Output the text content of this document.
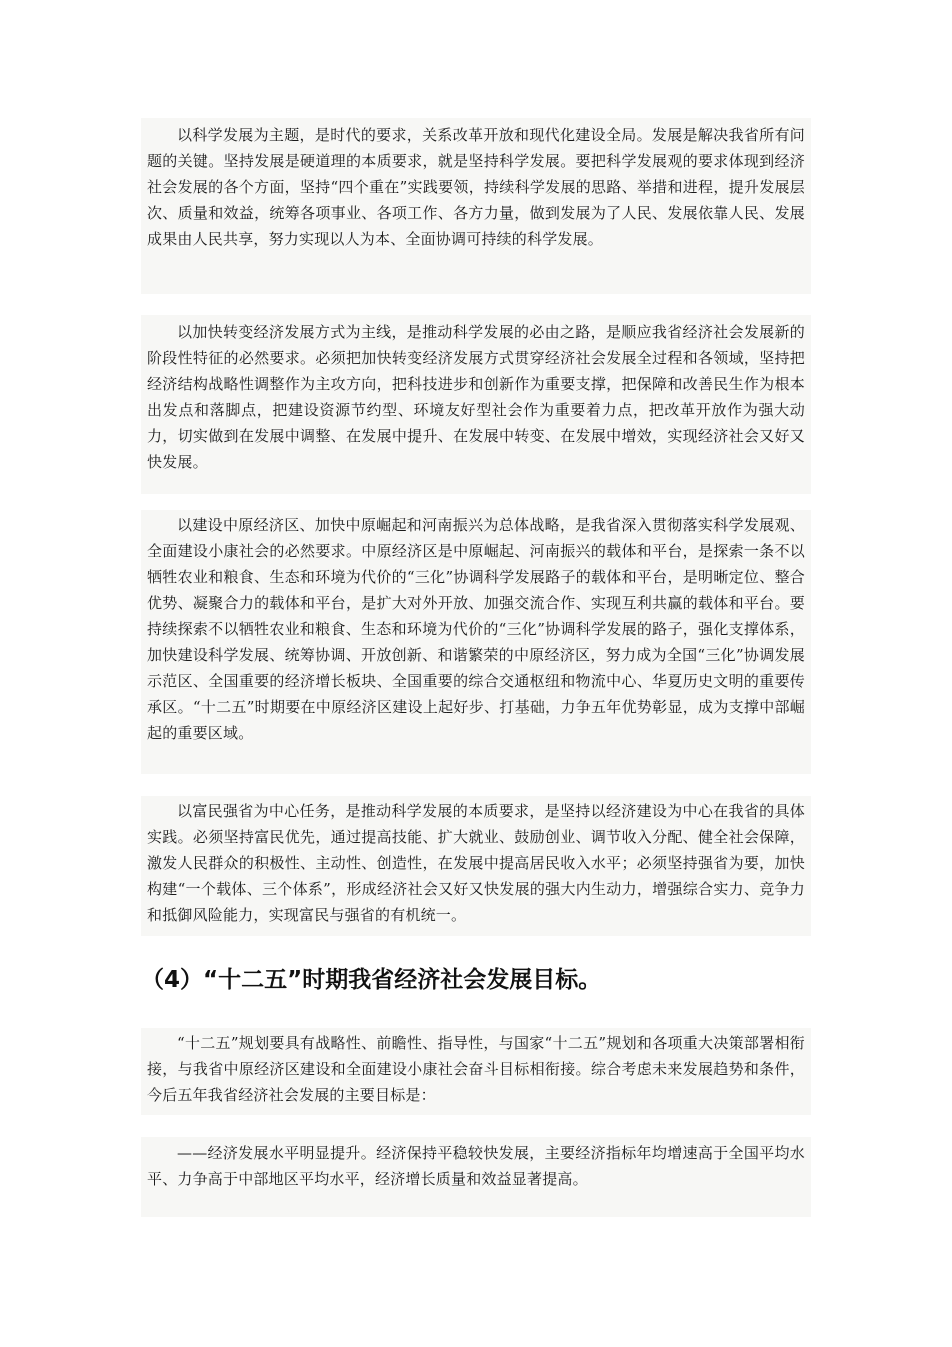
以科学发展为主题，是时代的要求，关系改革开放和现代化建设全局。发展是解决我省所有问题的关键。坚持发展是硬道理的本质要求，就是坚持科学发展。要把科学发展观的要求体现到经济社会发展的各个方面，坚持“四个重在”实践要领，持续科学发展的思路、举措和进程，提升发展层次、质量和效益，统筹各项事业、各项工作、各方力量，做到发展为了人民、发展依靠人民、发展成果由人民共享，努力实现以人为本、全面协调可持续的科学发展。

以加快转变经济发展方式为主线，是推动科学发展的必由之路，是顺应我省经济社会发展新的阶段性特征的必然要求。必须把加快转变经济发展方式贯穿经济社会发展全过程和各领域，坚持把经济结构战略性调整作为主攻方向，把科技进步和创新作为重要支撑，把保障和改善民生作为根本出发点和落脚点，把建设资源节约型、环境友好型社会作为重要着力点，把改革开放作为强大动力，切实做到在发展中调整、在发展中提升、在发展中转变、在发展中增效，实现经济社会又好又快发展。

以建设中原经济区、加快中原崛起和河南振兴为总体战略，是我省深入贯彻落实科学发展观、全面建设小康社会的必然要求。中原经济区是中原崛起、河南振兴的载体和平台，是探索一条不以牺牲农业和粮食、生态和环境为代价的“三化”协调科学发展路子的载体和平台，是明晰定位、整合优势、凝聚合力的载体和平台，是扩大对外开放、加强交流合作、实现互利共赢的载体和平台。要持续探索不以牺牲农业和粮食、生态和环境为代价的“三化”协调科学发展的路子，强化支撑体系，加快建设科学发展、统筹协调、开放创新、和谐繁荣的中原经济区，努力成为全国“三化”协调发展示范区、全国重要的经济增长板块、全国重要的综合交通枢纽和物流中心、华夏历史文明的重要传承区。“十二五”时期要在中原经济区建设上起好步、打基础，力争五年优势彰显，成为支撑中部崛起的重要区域。

以富民强省为中心任务，是推动科学发展的本质要求，是坚持以经济建设为中心在我省的具体实践。必须坚持富民优先，通过提高技能、扩大就业、鼓励创业、调节收入分配、健全社会保障，激发人民群众的积极性、主动性、创造性，在发展中提高居民收入水平；必须坚持强省为要，加快构建“一个载体、三个体系”，形成经济社会又好又快发展的强大内生动力，增强综合实力、竞争力和抵御风险能力，实现富民与强省的有机统一。

（4）“十二五”时期我省经济社会发展目标。

“十二五”规划要具有战略性、前瞻性、指导性，与国家“十二五”规划和各项重大决策部署相衔接，与我省中原经济区建设和全面建设小康社会奋斗目标相衔接。综合考虑未来发展趋势和条件，今后五年我省经济社会发展的主要目标是：

——经济发展水平明显提升。经济保持平稳较快发展，主要经济指标年均增速高于全国平均水平、力争高于中部地区平均水平，经济增长质量和效益显著提高。
